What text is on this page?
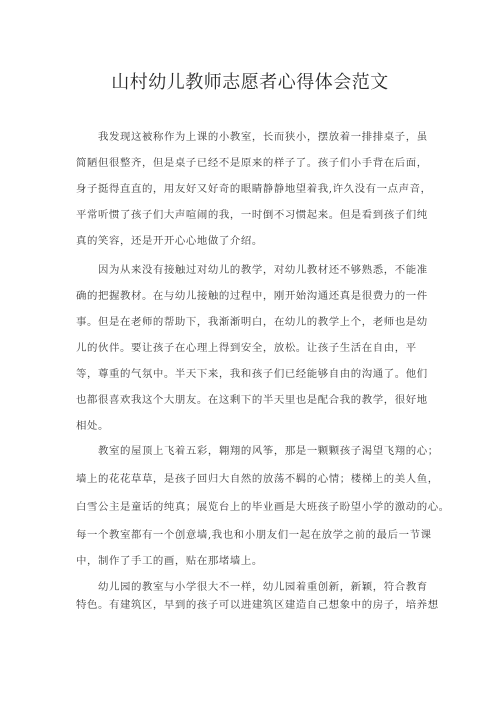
山村幼儿教师志愿者心得体会范文
我发现这被称作为上课的小教室，长而狭小，摆放着一排排桌子，虽
简陋但很整齐，但是桌子已经不是原来的样子了。孩子们小手背在后面，
身子挺得直直的，用友好又好奇的眼睛静静地望着我,许久没有一点声音，
平常听惯了孩子们大声喧闹的我，一时倒不习惯起来。但是看到孩子们纯
真的笑容，还是开开心心地做了介绍。
因为从来没有接触过对幼儿的教学，对幼儿教材还不够熟悉，不能准
确的把握教材。在与幼儿接触的过程中，刚开始沟通还真是很费力的一件
事。但是在老师的帮助下，我渐渐明白，在幼儿的教学上个，老师也是幼
儿的伙伴。要让孩子在心理上得到安全，放松。让孩子生活在自由，平
等，尊重的气氛中。半天下来，我和孩子们已经能够自由的沟通了。他们
也都很喜欢我这个大朋友。在这剩下的半天里也是配合我的教学，很好地
相处。
教室的屋顶上飞着五彩，翱翔的风筝，那是一颗颗孩子渴望飞翔的心；
墙上的花花草草，是孩子回归大自然的放荡不羁的心情；楼梯上的美人鱼，
白雪公主是童话的纯真；展览台上的毕业画是大班孩子盼望小学的激动的心。
每一个教室都有一个创意墙,我也和小朋友们一起在放学之前的最后一节课
中，制作了手工的画，贴在那堵墙上。
幼儿园的教室与小学很大不一样，幼儿园着重创新，新颖，符合教育
特色。有建筑区，早到的孩子可以进建筑区建造自己想象中的房子，培养想
